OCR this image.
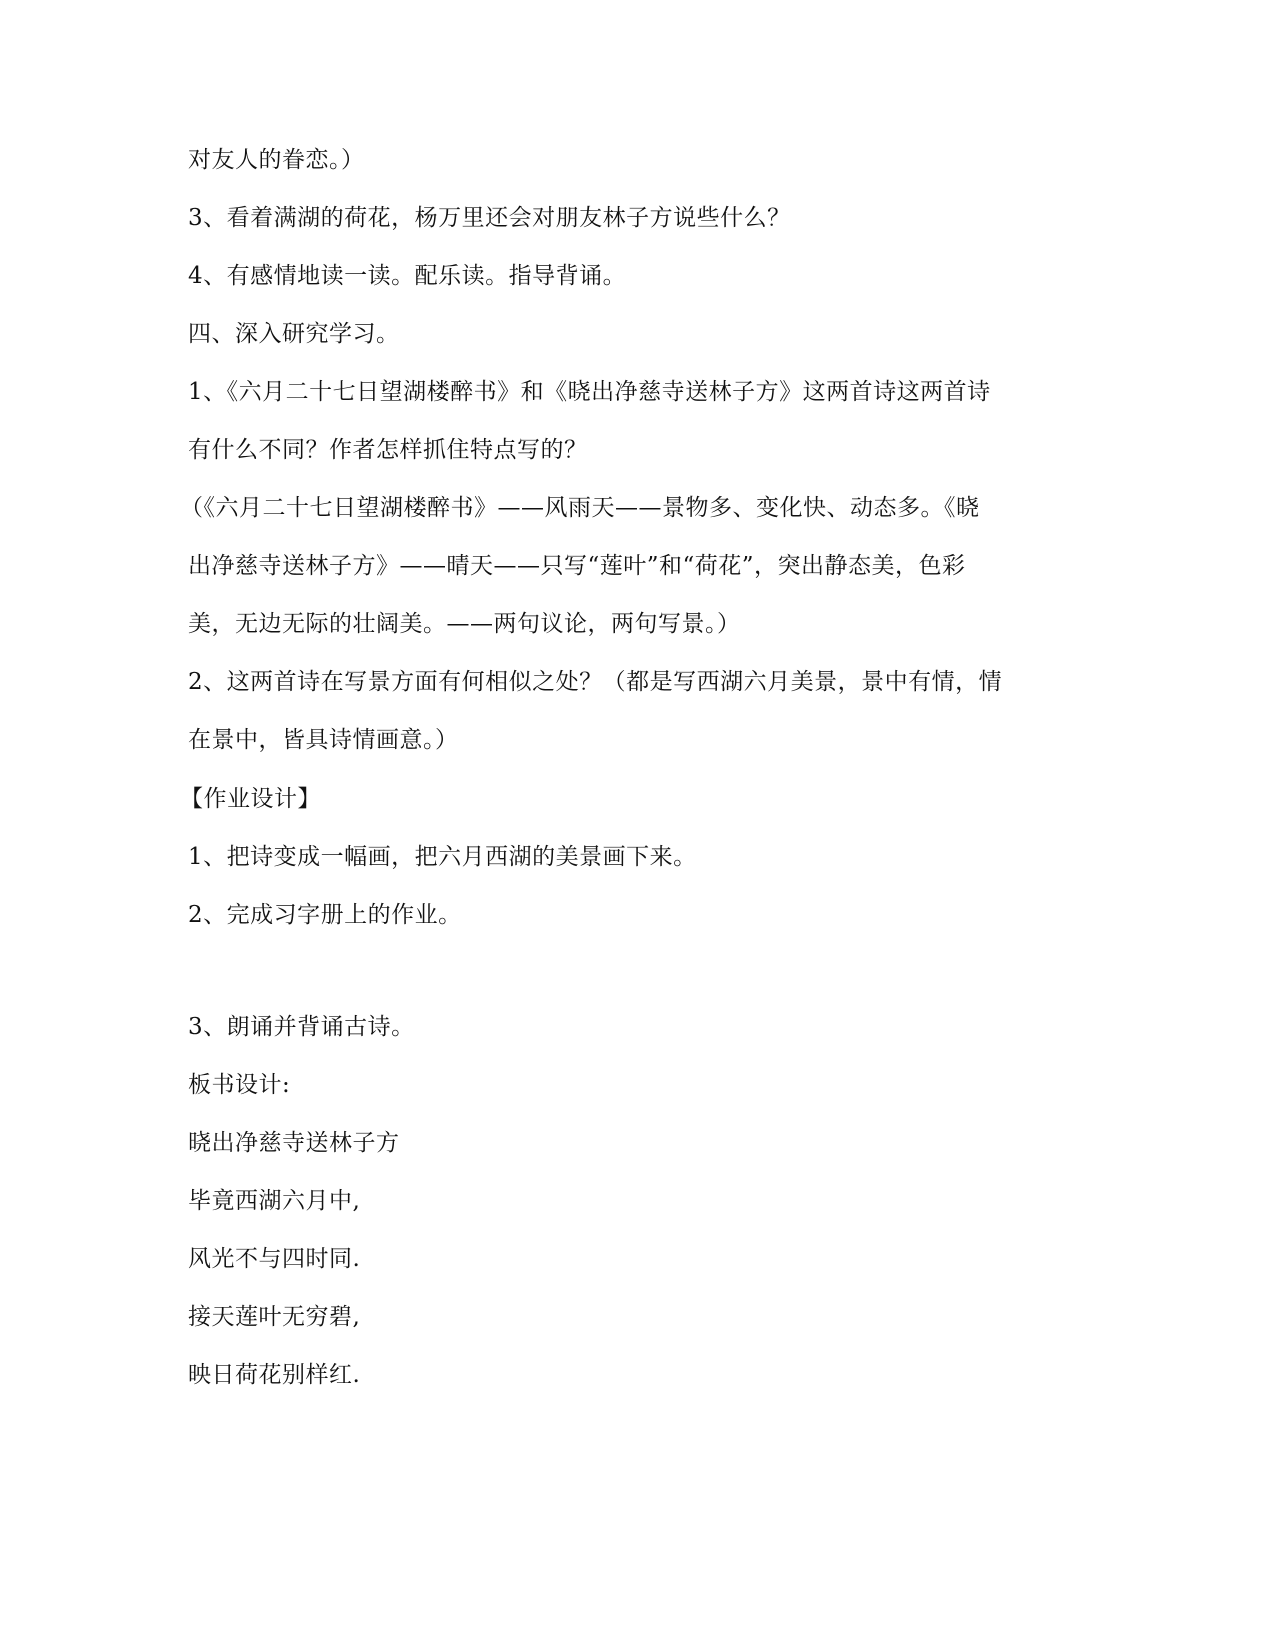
对友人的眷恋。）
3、看着满湖的荷花，杨万里还会对朋友林子方说些什么？
4、有感情地读一读。配乐读。指导背诵。
四、深入研究学习。
1、《六月二十七日望湖楼醉书》和《晓出净慈寺送林子方》这两首诗这两首诗
有什么不同？作者怎样抓住特点写的？
（《六月二十七日望湖楼醉书》——风雨天——景物多、变化快、动态多。《晓
出净慈寺送林子方》——晴天——只写“莲叶”和“荷花”，突出静态美，色彩
美，无边无际的壮阔美。——两句议论，两句写景。）
2、这两首诗在写景方面有何相似之处？（都是写西湖六月美景，景中有情，情
在景中，皆具诗情画意。）
【作业设计】
1、把诗变成一幅画，把六月西湖的美景画下来。
2、完成习字册上的作业。
3、朗诵并背诵古诗。
板书设计:
晓出净慈寺送林子方
毕竟西湖六月中,
风光不与四时同.
接天莲叶无穷碧,
映日荷花别样红.
